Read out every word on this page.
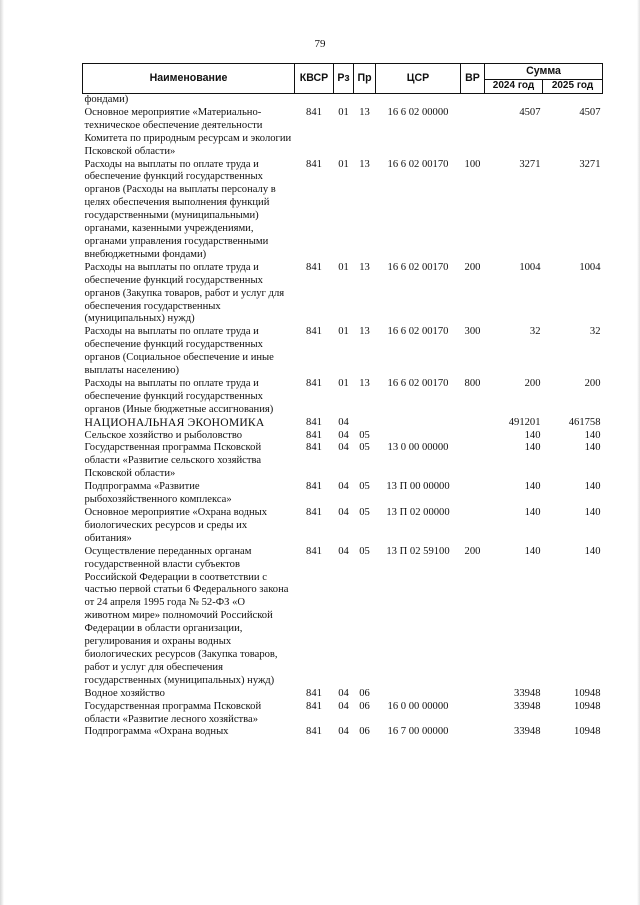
79
Наименование	КВСР	Рз	Пр	ЦСР	ВР	Сумма	
						2024 год	2025 год
фондами)							
Основное мероприятие «Материально-техническое обеспечение деятельности Комитета по природным ресурсам и экологии Псковской области»	841	01	13	16 6 02 00000		4507	4507
Расходы на выплаты по оплате труда и обеспечение функций государственных органов (Расходы на выплаты персоналу в целях обеспечения выполнения функций государственными (муниципальными) органами, казенными учреждениями, органами управления государственными внебюджетными фондами)	841	01	13	16 6 02 00170	100	3271	3271
Расходы на выплаты по оплате труда и обеспечение функций государственных органов (Закупка товаров, работ и услуг для обеспечения государственных (муниципальных) нужд)	841	01	13	16 6 02 00170	200	1004	1004
Расходы на выплаты по оплате труда и обеспечение функций государственных органов (Социальное обеспечение и иные выплаты населению)	841	01	13	16 6 02 00170	300	32	32
Расходы на выплаты по оплате труда и обеспечение функций государственных органов (Иные бюджетные ассигнования)	841	01	13	16 6 02 00170	800	200	200
НАЦИОНАЛЬНАЯ ЭКОНОМИКА	841	04				491201	461758
Сельское хозяйство и рыболовство	841	04	05			140	140
Государственная программа Псковской области «Развитие сельского хозяйства Псковской области»	841	04	05	13 0 00 00000		140	140
Подпрограмма «Развитие рыбохозяйственного комплекса»	841	04	05	13 П 00 00000		140	140
Основное мероприятие «Охрана водных биологических ресурсов и среды их обитания»	841	04	05	13 П 02 00000		140	140
Осуществление переданных органам государственной власти субъектов Российской Федерации в соответствии с частью первой статьи 6 Федерального закона от 24 апреля 1995 года № 52-ФЗ «О животном мире» полномочий Российской Федерации в области организации, регулирования и охраны водных биологических ресурсов (Закупка товаров, работ и услуг для обеспечения государственных (муниципальных) нужд)	841	04	05	13 П 02 59100	200	140	140
Водное хозяйство	841	04	06			33948	10948
Государственная программа Псковской области «Развитие лесного хозяйства»	841	04	06	16 0 00 00000		33948	10948
Подпрограмма «Охрана водных	841	04	06	16 7 00 00000		33948	10948
